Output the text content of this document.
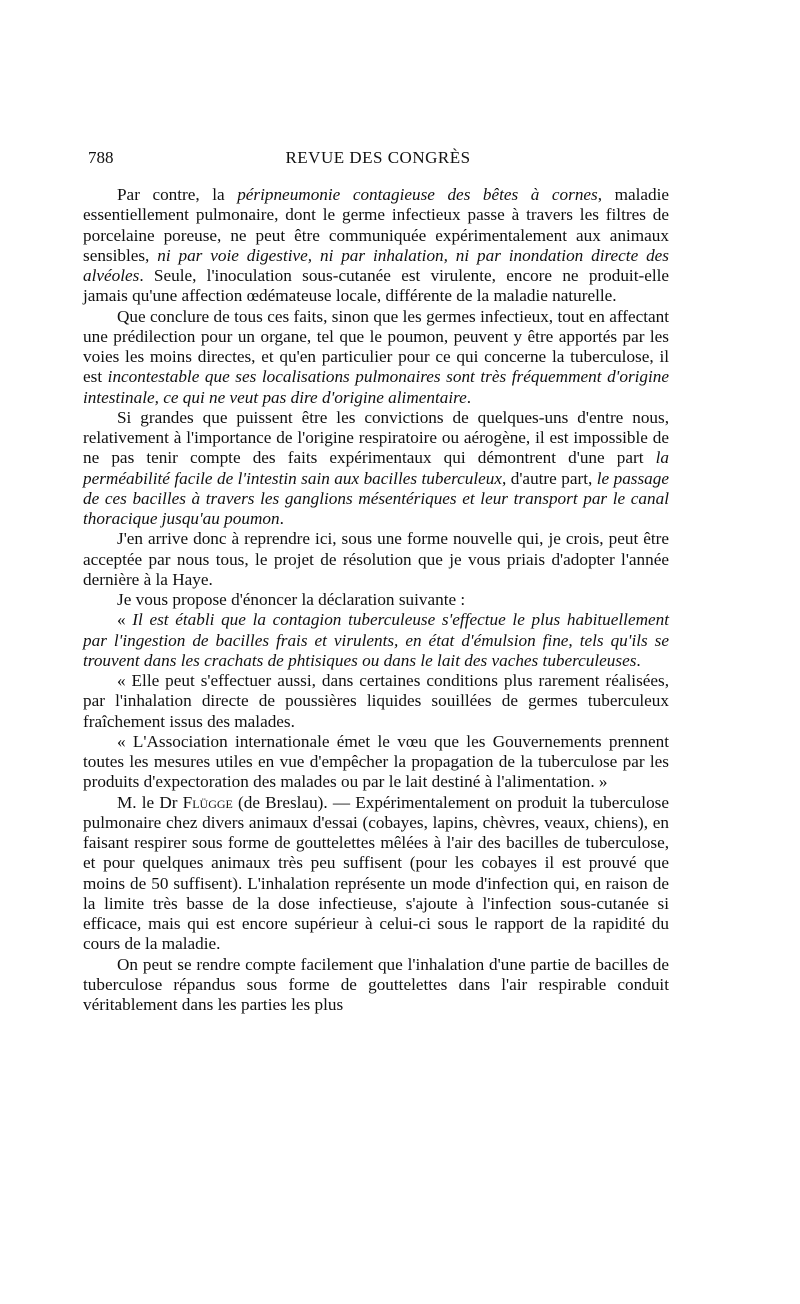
788	REVUE DES CONGRÈS

Par contre, la péripneumonie contagieuse des bêtes à cornes, maladie essentiellement pulmonaire, dont le germe infectieux passe à travers les filtres de porcelaine poreuse, ne peut être communiquée expérimentalement aux animaux sensibles, ni par voie digestive, ni par inhalation, ni par inondation directe des alvéoles. Seule, l'inoculation sous-cutanée est virulente, encore ne produit-elle jamais qu'une affection œdémateuse locale, différente de la maladie naturelle.

Que conclure de tous ces faits, sinon que les germes infectieux, tout en affectant une prédilection pour un organe, tel que le poumon, peuvent y être apportés par les voies les moins directes, et qu'en particulier pour ce qui concerne la tuberculose, il est incontestable que ses localisations pulmonaires sont très fréquemment d'origine intestinale, ce qui ne veut pas dire d'origine alimentaire.

Si grandes que puissent être les convictions de quelques-uns d'entre nous, relativement à l'importance de l'origine respiratoire ou aérogène, il est impossible de ne pas tenir compte des faits expérimentaux qui démontrent d'une part la perméabilité facile de l'intestin sain aux bacilles tuberculeux, d'autre part, le passage de ces bacilles à travers les ganglions mésentériques et leur transport par le canal thoracique jusqu'au poumon.

J'en arrive donc à reprendre ici, sous une forme nouvelle qui, je crois, peut être acceptée par nous tous, le projet de résolution que je vous priais d'adopter l'année dernière à la Haye.

Je vous propose d'énoncer la déclaration suivante :

« Il est établi que la contagion tuberculeuse s'effectue le plus habituellement par l'ingestion de bacilles frais et virulents, en état d'émulsion fine, tels qu'ils se trouvent dans les crachats de phtisiques ou dans le lait des vaches tuberculeuses.

« Elle peut s'effectuer aussi, dans certaines conditions plus rarement réalisées, par l'inhalation directe de poussières liquides souillées de germes tuberculeux fraîchement issus des malades.

« L'Association internationale émet le vœu que les Gouvernements prennent toutes les mesures utiles en vue d'empêcher la propagation de la tuberculose par les produits d'expectoration des malades ou par le lait destiné à l'alimentation. »

M. le Dr Flügge (de Breslau). — Expérimentalement on produit la tuberculose pulmonaire chez divers animaux d'essai (cobayes, lapins, chèvres, veaux, chiens), en faisant respirer sous forme de gouttelettes mêlées à l'air des bacilles de tuberculose, et pour quelques animaux très peu suffisent (pour les cobayes il est prouvé que moins de 50 suffisent). L'inhalation représente un mode d'infection qui, en raison de la limite très basse de la dose infectieuse, s'ajoute à l'infection sous-cutanée si efficace, mais qui est encore supérieur à celui-ci sous le rapport de la rapidité du cours de la maladie.

On peut se rendre compte facilement que l'inhalation d'une partie de bacilles de tuberculose répandus sous forme de gouttelettes dans l'air respirable conduit véritablement dans les parties les plus
